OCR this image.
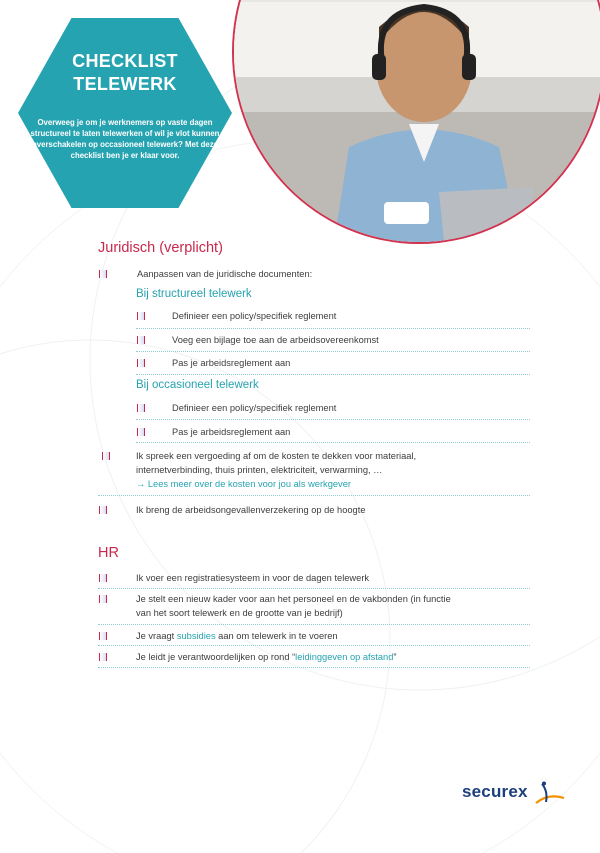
CHECKLIST
TELEWERK
Overweeg je om je werknemers op vaste dagen structureel te laten telewerken of wil je vlot kunnen overschakelen op occasioneel telewerk? Met deze checklist ben je er klaar voor.
Juridisch (verplicht)
Aanpassen van de juridische documenten:
Bij structureel telewerk
Definieer een policy/specifiek reglement
Voeg een bijlage toe aan de arbeidsovereenkomst
Pas je arbeidsreglement aan
Bij occasioneel telewerk
Definieer een policy/specifiek reglement
Pas je arbeidsreglement aan
Ik spreek een vergoeding af om de kosten te dekken voor materiaal,
internetverbinding, thuis printen, elektriciteit, verwarming, …
→ Lees meer over de kosten voor jou als werkgever
Ik breng de arbeidsongevallenverzekering op de hoogte
HR
Ik voer een registratiesysteem in voor de dagen telewerk
Je stelt een nieuw kader voor aan het personeel en de vakbonden (in functie
van het soort telewerk en de grootte van je bedrijf)
Je vraagt subsidies aan om telewerk in te voeren
Je leidt je verantwoordelijken op rond “leidinggeven op afstand”
securex
